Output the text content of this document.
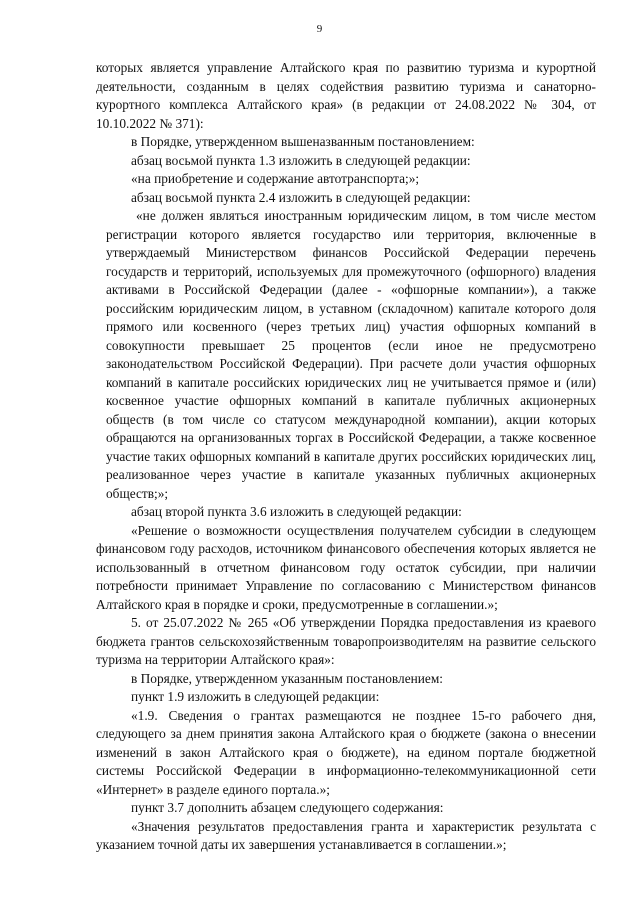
9

которых является управление Алтайского края по развитию туризма и курортной деятельности, созданным в целях содействия развитию туризма и санаторно-курортного комплекса Алтайского края» (в редакции от 24.08.2022 № 304, от 10.10.2022 № 371):

в Порядке, утвержденном вышеназванным постановлением:

абзац восьмой пункта 1.3 изложить в следующей редакции:

«на приобретение и содержание автотранспорта;»;

абзац восьмой пункта 2.4 изложить в следующей редакции:

«не должен являться иностранным юридическим лицом, в том числе местом регистрации которого является государство или территория, включенные в утверждаемый Министерством финансов Российской Федерации перечень государств и территорий, используемых для промежуточного (офшорного) владения активами в Российской Федерации (далее - «офшорные компании»), а также российским юридическим лицом, в уставном (складочном) капитале которого доля прямого или косвенного (через третьих лиц) участия офшорных компаний в совокупности превышает 25 процентов (если иное не предусмотрено законодательством Российской Федерации). При расчете доли участия офшорных компаний в капитале российских юридических лиц не учитывается прямое и (или) косвенное участие офшорных компаний в капитале публичных акционерных обществ (в том числе со статусом международной компании), акции которых обращаются на организованных торгах в Российской Федерации, а также косвенное участие таких офшорных компаний в капитале других российских юридических лиц, реализованное через участие в капитале указанных публичных акционерных обществ;»;

абзац второй пункта 3.6 изложить в следующей редакции:

«Решение о возможности осуществления получателем субсидии в следующем финансовом году расходов, источником финансового обеспечения которых является не использованный в отчетном финансовом году остаток субсидии, при наличии потребности принимает Управление по согласованию с Министерством финансов Алтайского края в порядке и сроки, предусмотренные в соглашении.»;

5. от 25.07.2022 № 265 «Об утверждении Порядка предоставления из краевого бюджета грантов сельскохозяйственным товаропроизводителям на развитие сельского туризма на территории Алтайского края»:

в Порядке, утвержденном указанным постановлением:

пункт 1.9 изложить в следующей редакции:

«1.9. Сведения о грантах размещаются не позднее 15-го рабочего дня, следующего за днем принятия закона Алтайского края о бюджете (закона о внесении изменений в закон Алтайского края о бюджете), на едином портале бюджетной системы Российской Федерации в информационно-телекоммуникационной сети «Интернет» в разделе единого портала.»;

пункт 3.7 дополнить абзацем следующего содержания:

«Значения результатов предоставления гранта и характеристик результата с указанием точной даты их завершения устанавливается в соглашении.»;
